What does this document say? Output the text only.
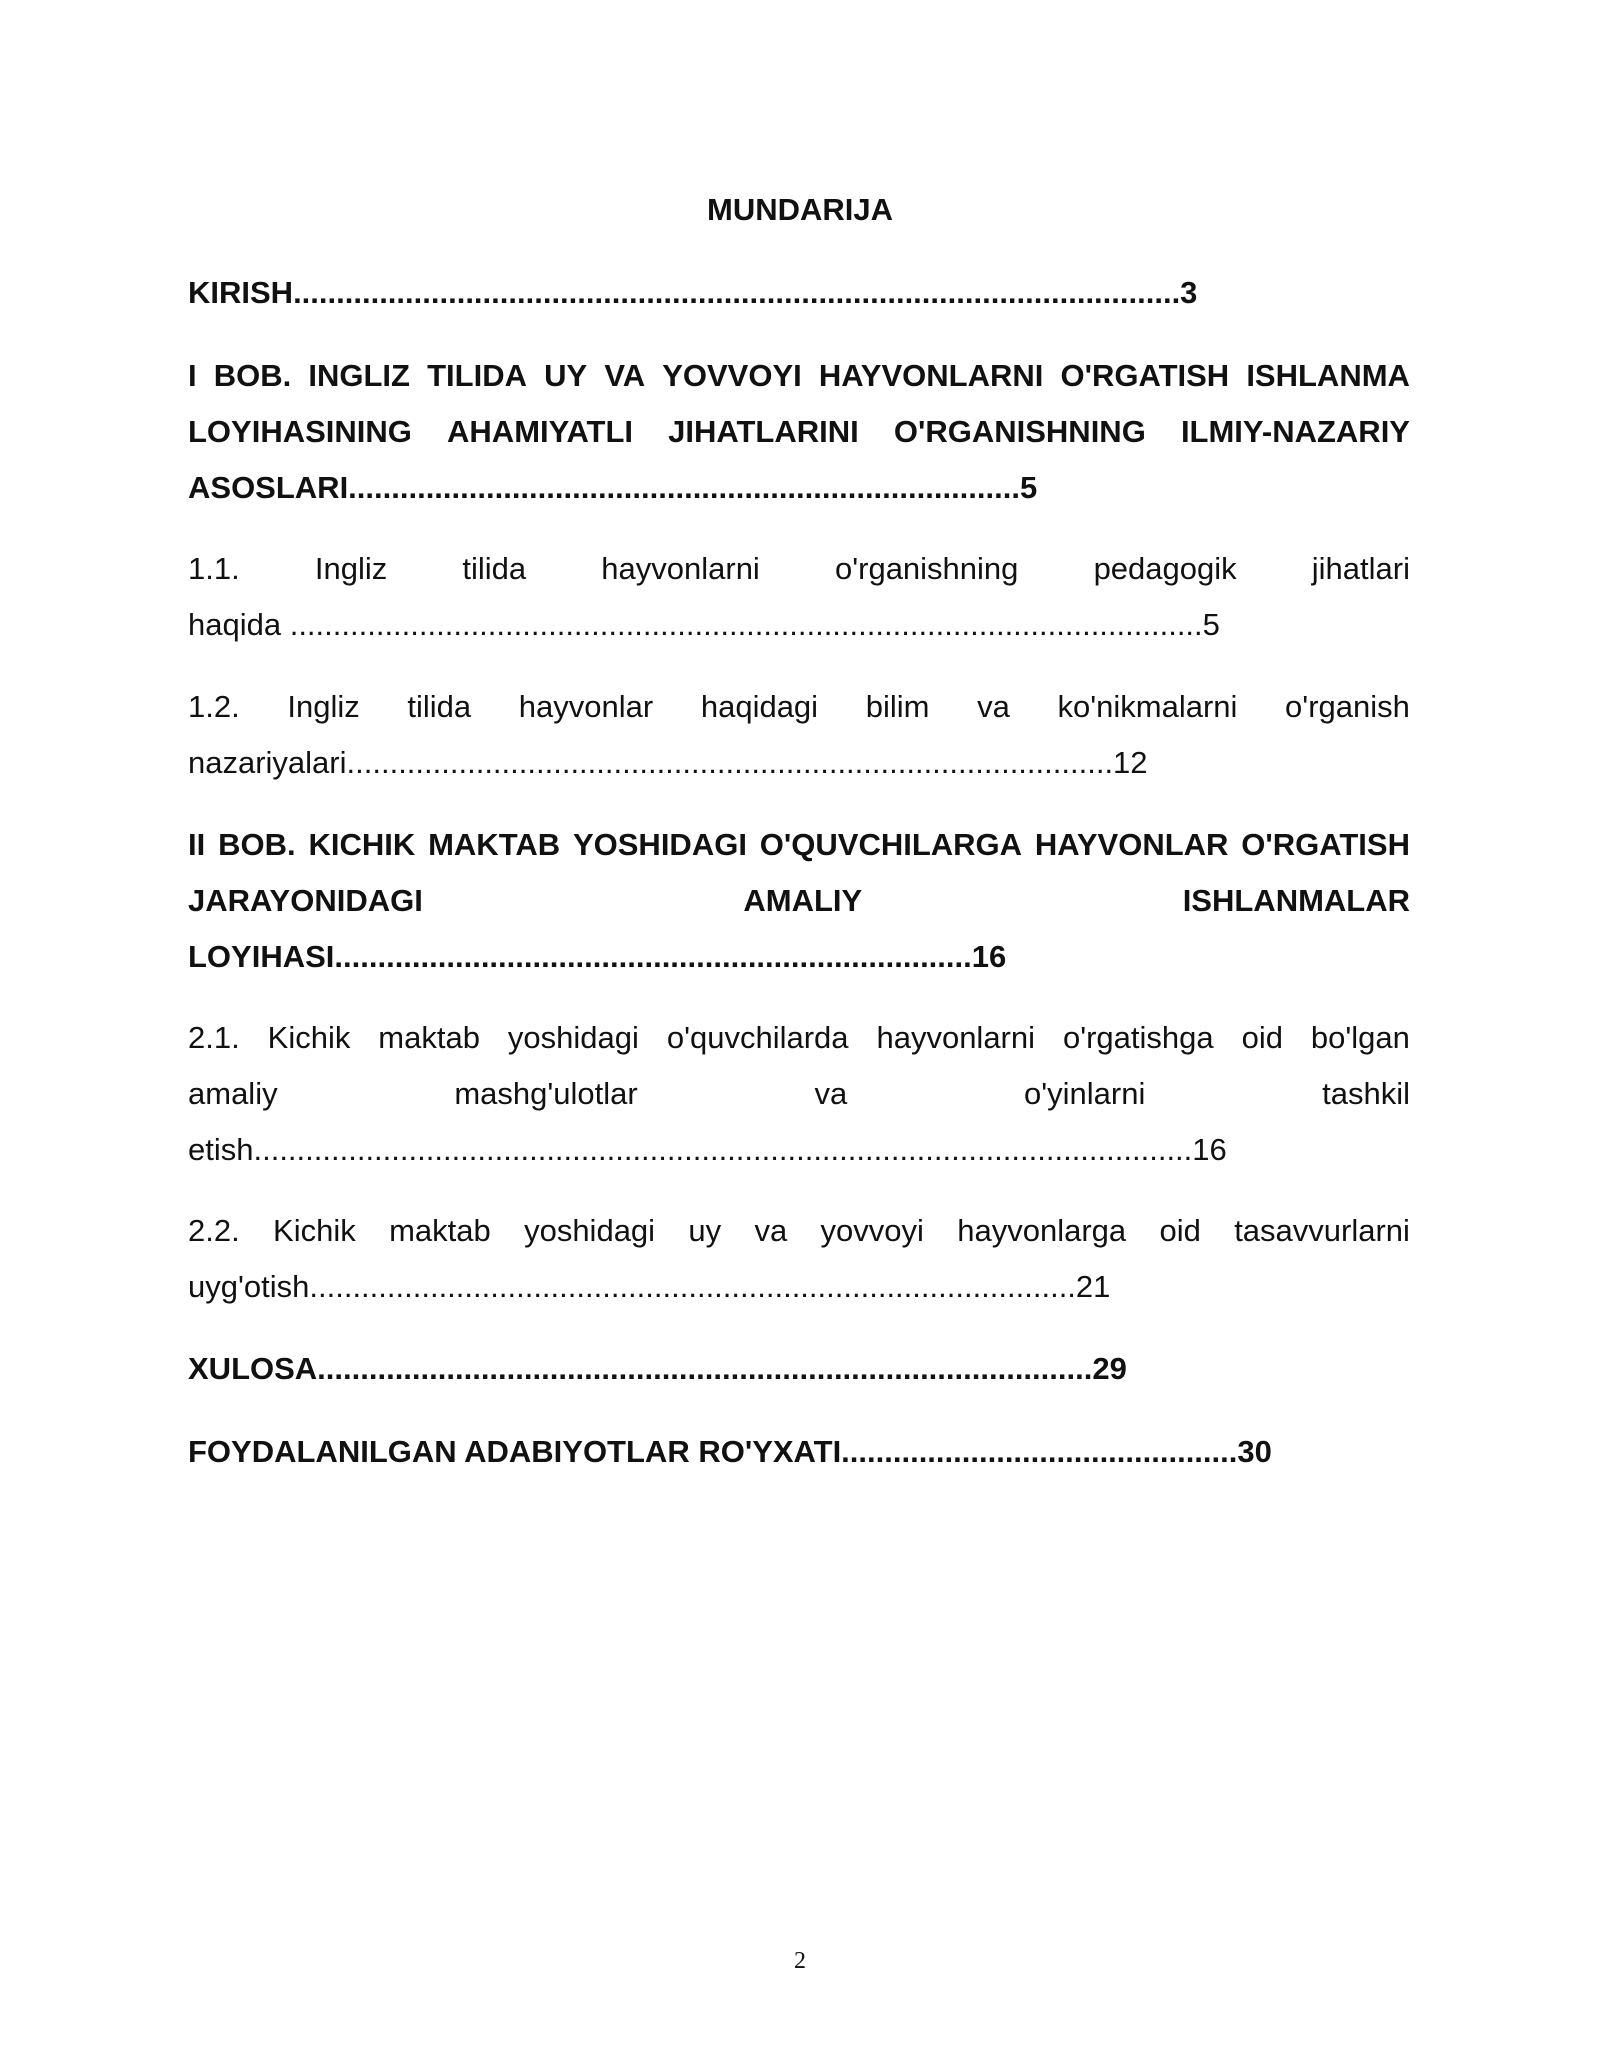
MUNDARIJA
KIRISH.......................................................................................................3
I BOB. INGLIZ TILIDA UY VA YOVVOYI HAYVONLARNI O'RGATISH ISHLANMA
LOYIHASINING AHAMIYATLI JIHATLARINI O'RGANISHNING ILMIY-NAZARIY
ASOSLARI..............................................................................5
1.1. Ingliz tilida hayvonlarni o'rganishning pedagogik jihatlari
haqida ..........................................................................................................5
1.2. Ingliz tilida hayvonlar haqidagi bilim va ko'nikmalarni o'rganish
nazariyalari.........................................................................................12
II BOB. KICHIK MAKTAB YOSHIDAGI O'QUVCHILARGA HAYVONLAR O'RGATISH
JARAYONIDAGI	AMALIY	ISHLANMALAR
LOYIHASI..........................................................................16
2.1. Kichik maktab yoshidagi o'quvchilarda hayvonlarni o'rgatishga oid bo'lgan
amaliy	mashg'ulotlar	va	o'yinlarni	tashkil
etish.............................................................................................................16
2.2. Kichik maktab yoshidagi uy va yovvoyi hayvonlarga oid tasavvurlarni
uyg'otish.........................................................................................21
XULOSA..........................................................................................29
FOYDALANILGAN ADABIYOTLAR RO'YXATI..............................................30
2
